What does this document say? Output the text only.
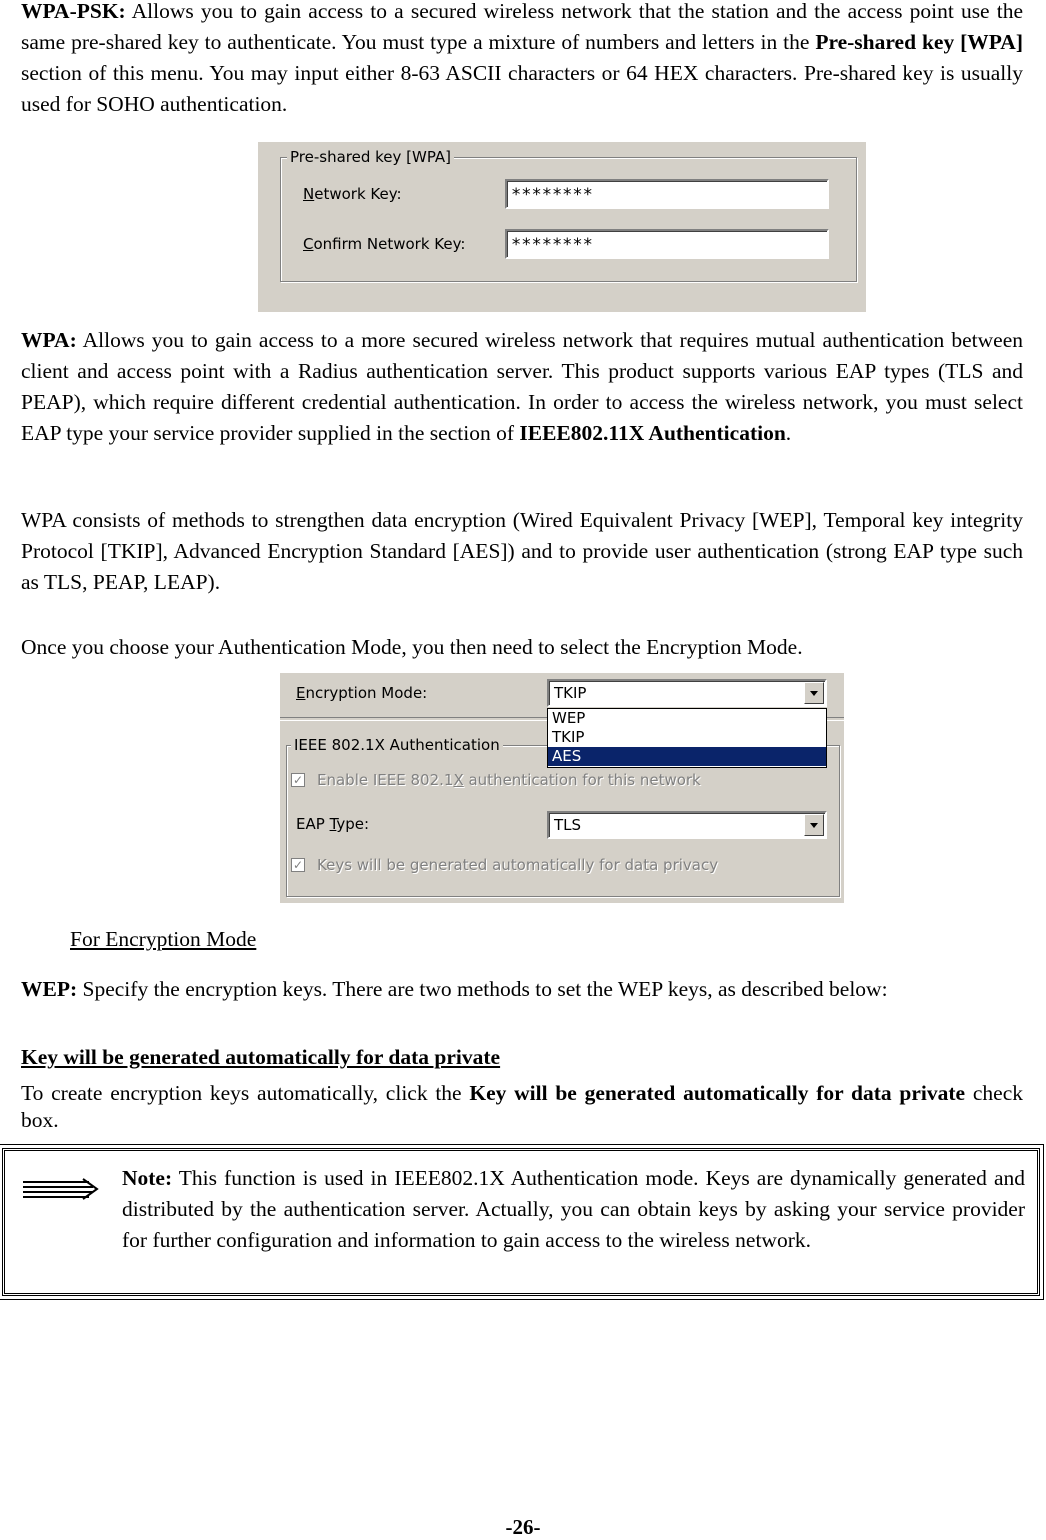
WPA-PSK: Allows you to gain access to a secured wireless network that the station and the access point use the same pre-shared key to authenticate. You must type a mixture of numbers and letters in the Pre-shared key [WPA] section of this menu. You may input either 8-63 ASCII characters or 64 HEX characters. Pre-shared key is usually used for SOHO authentication.

Pre-shared key [WPA]
Network Key:	********
Confirm Network Key:	********

WPA: Allows you to gain access to a more secured wireless network that requires mutual authentication between client and access point with a Radius authentication server. This product supports various EAP types (TLS and PEAP), which require different credential authentication. In order to access the wireless network, you must select EAP type your service provider supplied in the section of IEEE802.11X Authentication.

WPA consists of methods to strengthen data encryption (Wired Equivalent Privacy [WEP], Temporal key integrity Protocol [TKIP], Advanced Encryption Standard [AES]) and to provide user authentication (strong EAP type such as TLS, PEAP, LEAP).

Once you choose your Authentication Mode, you then need to select the Encryption Mode.

Encryption Mode:	TKIP
IEEE 802.1X Authentication
✓ Enable IEEE 802.1X authentication for this network
EAP Type:	TLS
✓ Keys will be generated automatically for data privacy
WEP
TKIP
AES

For Encryption Mode

WEP: Specify the encryption keys. There are two methods to set the WEP keys, as described below:

Key will be generated automatically for data private

To create encryption keys automatically, click the Key will be generated automatically for data private check box.

Note: This function is used in IEEE802.1X Authentication mode. Keys are dynamically generated and distributed by the authentication server. Actually, you can obtain keys by asking your service provider for further configuration and information to gain access to the wireless network.

-26-
